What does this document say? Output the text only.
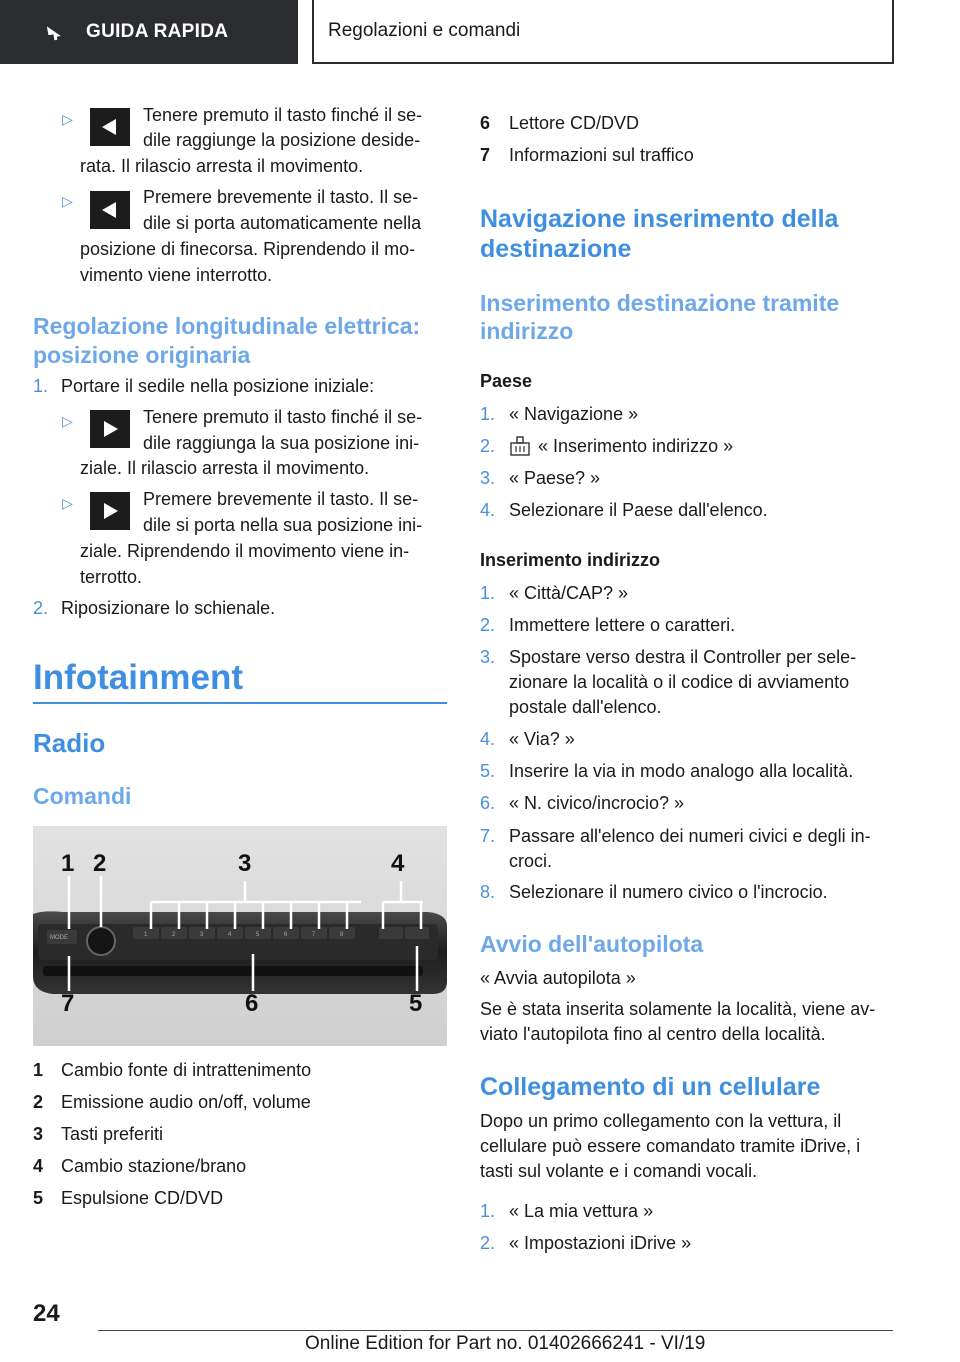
GUIDA RAPIDA	Regolazioni e comandi
▷	Tenere premuto il tasto finché il se-
dile raggiunge la posizione deside-
rata. Il rilascio arresta il movimento.
▷	Premere brevemente il tasto. Il se-
dile si porta automaticamente nella
posizione di finecorsa. Riprendendo il mo-
vimento viene interrotto.
Regolazione longitudinale elettrica:
posizione originaria
1. Portare il sedile nella posizione iniziale:
▷	Tenere premuto il tasto finché il se-
dile raggiunga la sua posizione ini-
ziale. Il rilascio arresta il movimento.
▷	Premere brevemente il tasto. Il se-
dile si porta nella sua posizione ini-
ziale. Riprendendo il movimento viene in-
terrotto.
2. Riposizionare lo schienale.
Infotainment
Radio
Comandi
MODE	1	2	3	4	5	6	7	8
1 2	3	4
5
6
7
1 Cambio fonte di intrattenimento
2 Emissione audio on/off, volume
3 Tasti preferiti
4 Cambio stazione/brano
5 Espulsione CD/DVD
6 Lettore CD/DVD
7 Informazioni sul traffico
Navigazione inserimento della
destinazione
Inserimento destinazione tramite
indirizzo
Paese
1. « Navigazione »
2. « Inserimento indirizzo »
3. « Paese? »
4. Selezionare il Paese dall'elenco.
Inserimento indirizzo
1. « Città/CAP? »
2. Immettere lettere o caratteri.
3. Spostare verso destra il Controller per sele-
zionare la località o il codice di avviamento
postale dall'elenco.
4. « Via? »
5. Inserire la via in modo analogo alla località.
6. « N. civico/incrocio? »
7. Passare all'elenco dei numeri civici e degli in-
croci.
8. Selezionare il numero civico o l'incrocio.
Avvio dell'autopilota
« Avvia autopilota »
Se è stata inserita solamente la località, viene av-
viato l'autopilota fino al centro della località.
Collegamento di un cellulare
Dopo un primo collegamento con la vettura, il
cellulare può essere comandato tramite iDrive, i
tasti sul volante e i comandi vocali.
1. « La mia vettura »
2. « Impostazioni iDrive »
24
Online Edition for Part no. 01402666241 - VI/19
